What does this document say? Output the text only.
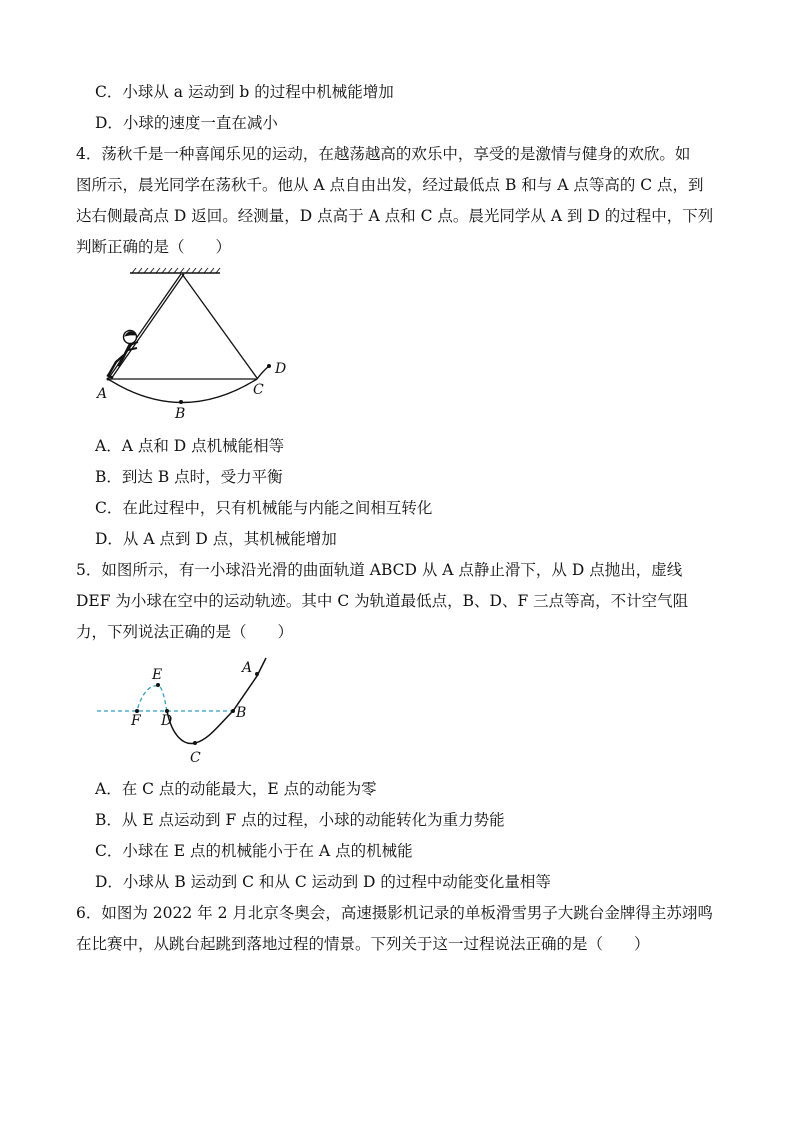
C．小球从 a 运动到 b 的过程中机械能增加
D．小球的速度一直在减小
4．荡秋千是一种喜闻乐见的运动，在越荡越高的欢乐中，享受的是激情与健身的欢欣。如
图所示，晨光同学在荡秋千。他从 A 点自由出发，经过最低点 B 和与 A 点等高的 C 点，到
达右侧最高点 D 返回。经测量，D 点高于 A 点和 C 点。晨光同学从 A 到 D 的过程中，下列
判断正确的是（　　）
A
B
C
D
A．A 点和 D 点机械能相等
B．到达 B 点时，受力平衡
C．在此过程中，只有机械能与内能之间相互转化
D．从 A 点到 D 点，其机械能增加
5．如图所示，有一小球沿光滑的曲面轨道 ABCD 从 A 点静止滑下，从 D 点抛出，虚线
DEF 为小球在空中的运动轨迹。其中 C 为轨道最低点，B、D、F 三点等高，不计空气阻
力，下列说法正确的是（　　）
A
B
C
D
E
F
A．在 C 点的动能最大，E 点的动能为零
B．从 E 点运动到 F 点的过程，小球的动能转化为重力势能
C．小球在 E 点的机械能小于在 A 点的机械能
D．小球从 B 运动到 C 和从 C 运动到 D 的过程中动能变化量相等
6．如图为 2022 年 2 月北京冬奥会，高速摄影机记录的单板滑雪男子大跳台金牌得主苏翊鸣
在比赛中，从跳台起跳到落地过程的情景。下列关于这一过程说法正确的是（　　）
